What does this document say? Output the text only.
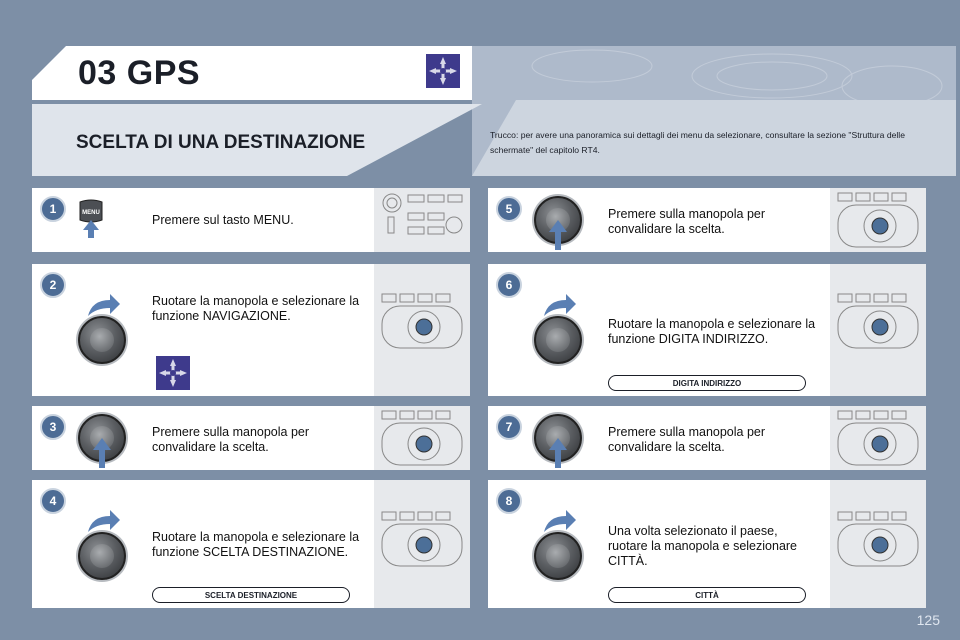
03 GPS
SCELTA DI UNA DESTINAZIONE	Trucco: per avere una panoramica sui dettagli dei menu da selezionare, consultare la sezione "Struttura delle schermate" del capitolo RT4.
1	MENU	Premere sul tasto MENU.
2
Ruotare la manopola e selezionare la funzione NAVIGAZIONE.
3	Premere sulla manopola per convalidare la scelta.
4
Ruotare la manopola e selezionare la funzione SCELTA DESTINAZIONE.
SCELTA DESTINAZIONE
5	Premere sulla manopola per convalidare la scelta.
6
Ruotare la manopola e selezionare la funzione DIGITA INDIRIZZO.
DIGITA INDIRIZZO
7	Premere sulla manopola per convalidare la scelta.
8
Una volta selezionato il paese, ruotare la manopola e selezionare CITTÀ.
CITTÀ
125
